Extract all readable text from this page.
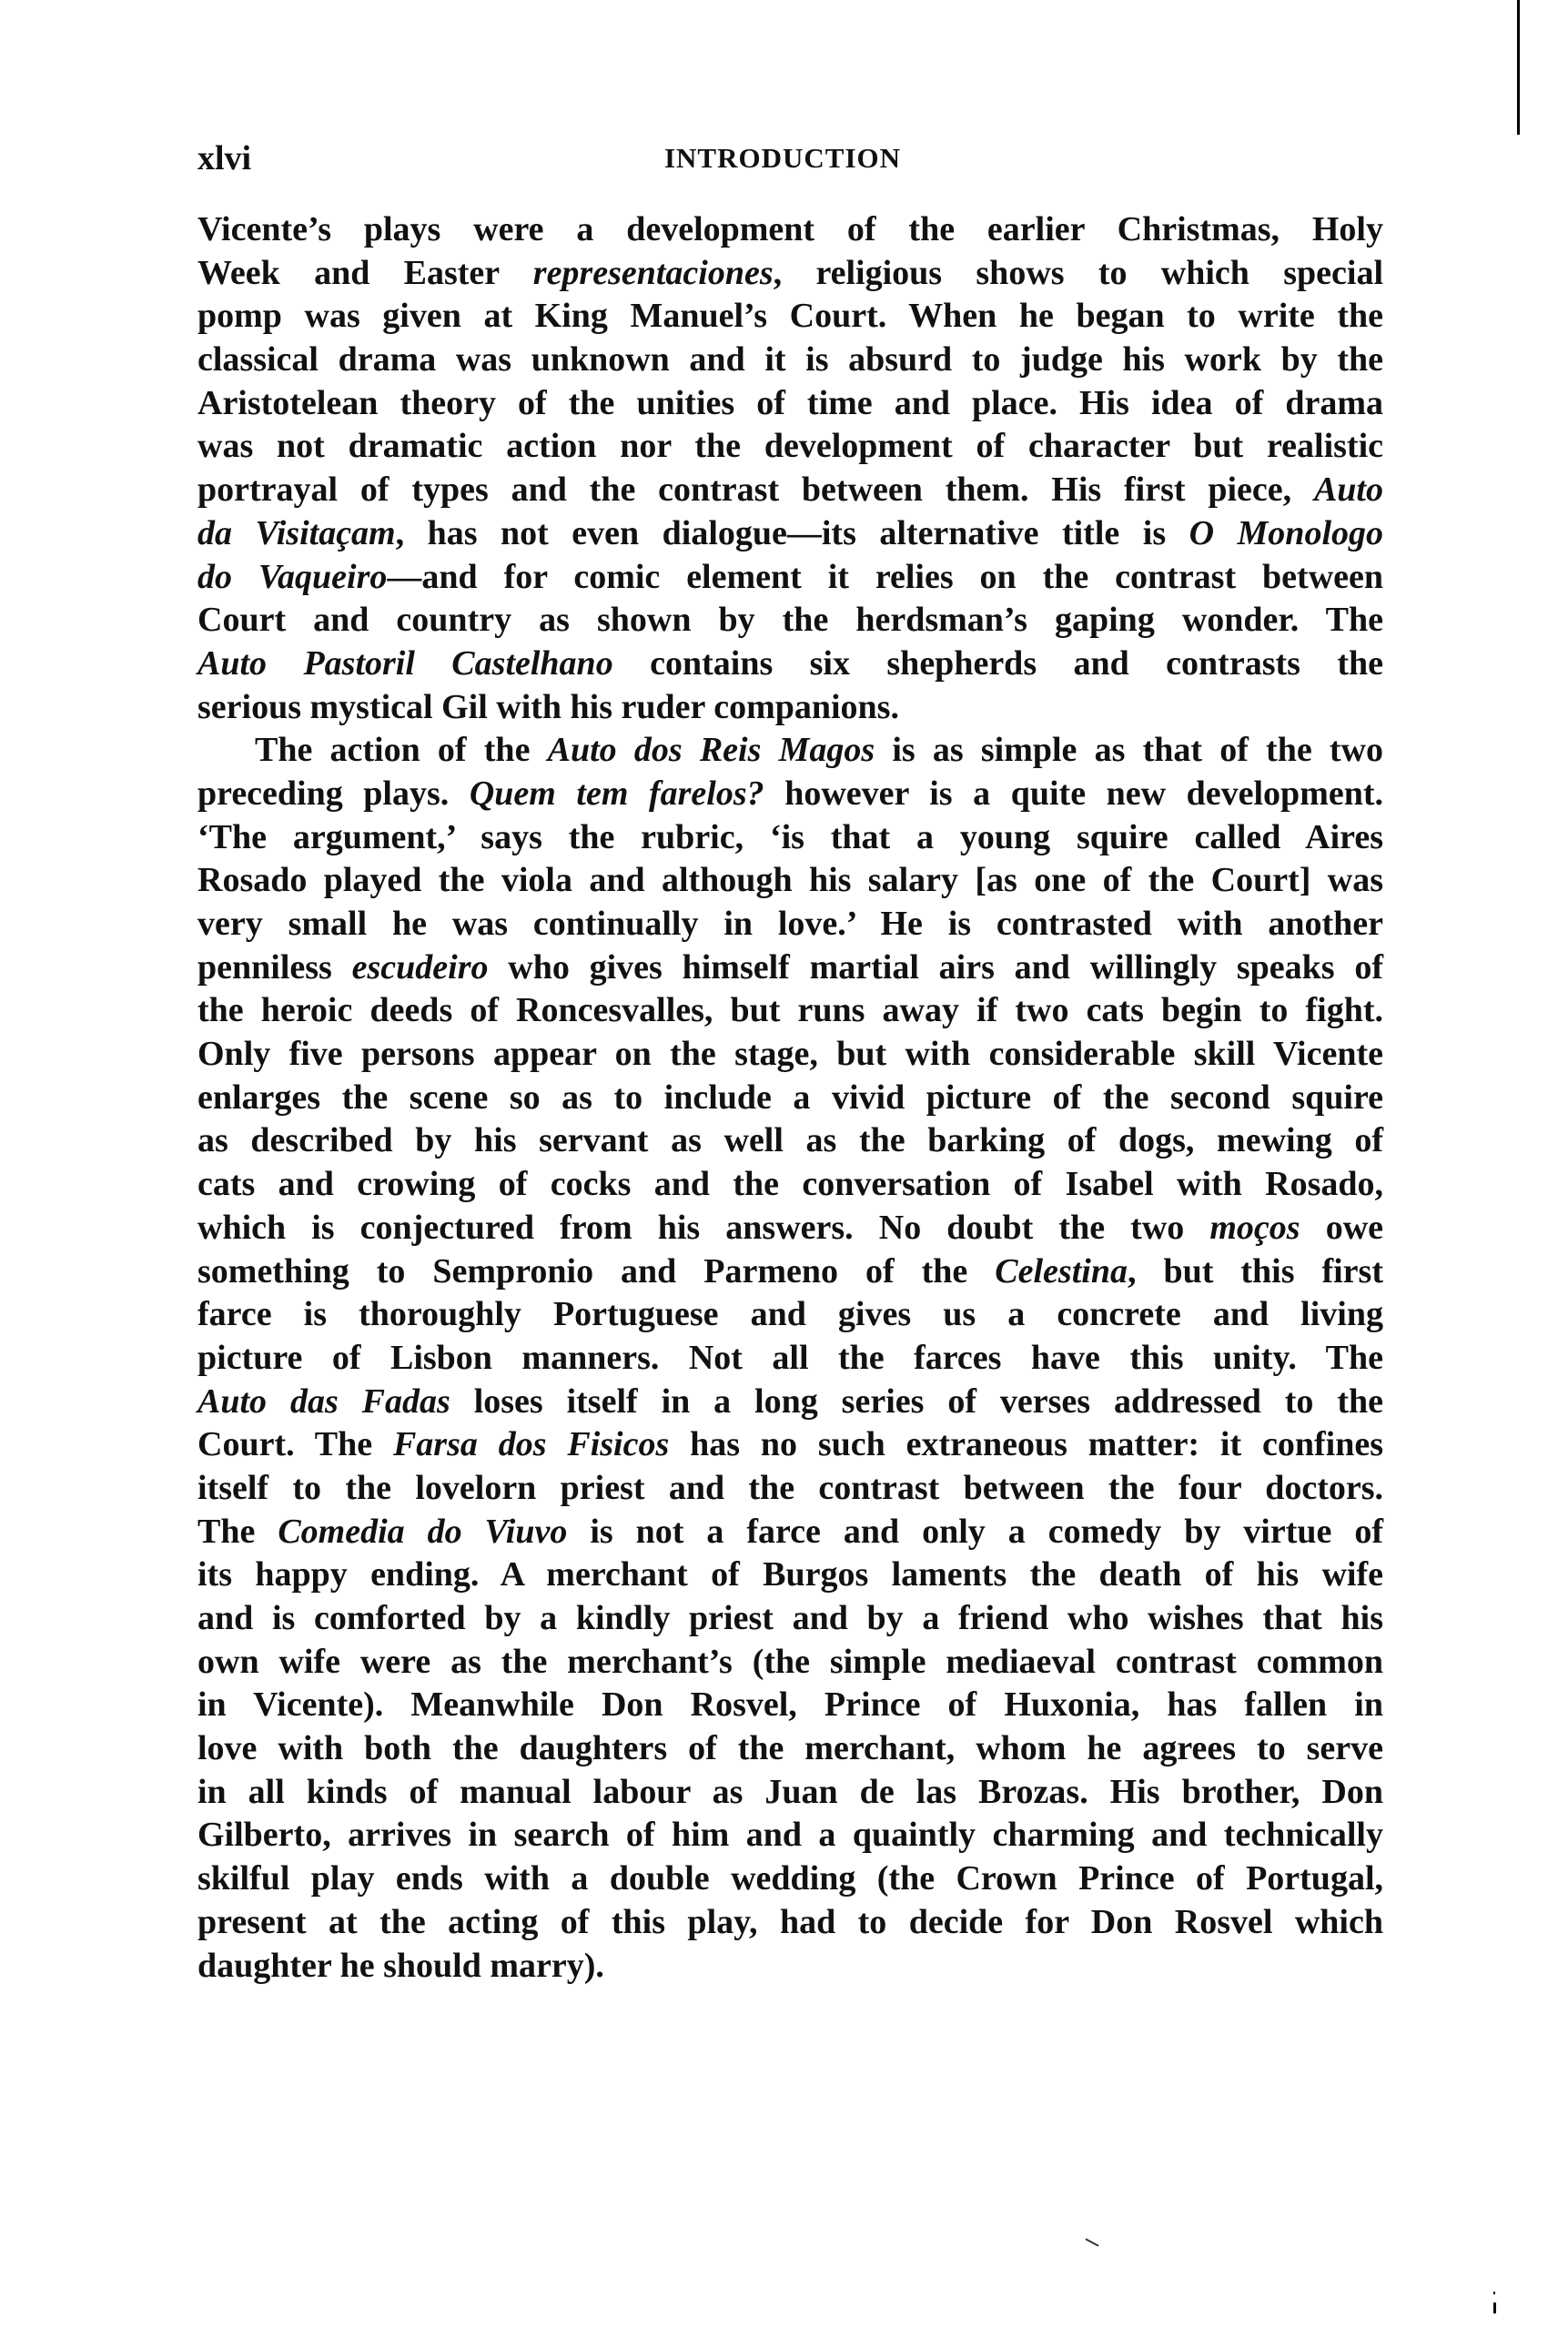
xlvi	INTRODUCTION
Vicente’s plays were a development of the earlier Christmas, Holy
Week and Easter representaciones, religious shows to which special
pomp was given at King Manuel’s Court. When he began to write the
classical drama was unknown and it is absurd to judge his work by the
Aristotelean theory of the unities of time and place. His idea of drama
was not dramatic action nor the development of character but realistic
portrayal of types and the contrast between them. His first piece, Auto
da Visitaçam, has not even dialogue—its alternative title is O Monologo
do Vaqueiro—and for comic element it relies on the contrast between
Court and country as shown by the herdsman’s gaping wonder. The
Auto Pastoril Castelhano contains six shepherds and contrasts the
serious mystical Gil with his ruder companions.
The action of the Auto dos Reis Magos is as simple as that of the two
preceding plays. Quem tem farelos? however is a quite new development.
‘The argument,’ says the rubric, ‘is that a young squire called Aires
Rosado played the viola and although his salary [as one of the Court] was
very small he was continually in love.’ He is contrasted with another
penniless escudeiro who gives himself martial airs and willingly speaks of
the heroic deeds of Roncesvalles, but runs away if two cats begin to fight.
Only five persons appear on the stage, but with considerable skill Vicente
enlarges the scene so as to include a vivid picture of the second squire
as described by his servant as well as the barking of dogs, mewing of
cats and crowing of cocks and the conversation of Isabel with Rosado,
which is conjectured from his answers. No doubt the two moços owe
something to Sempronio and Parmeno of the Celestina, but this first
farce is thoroughly Portuguese and gives us a concrete and living
picture of Lisbon manners. Not all the farces have this unity. The
Auto das Fadas loses itself in a long series of verses addressed to the
Court. The Farsa dos Fisicos has no such extraneous matter: it confines
itself to the lovelorn priest and the contrast between the four doctors.
The Comedia do Viuvo is not a farce and only a comedy by virtue of
its happy ending. A merchant of Burgos laments the death of his wife
and is comforted by a kindly priest and by a friend who wishes that his
own wife were as the merchant’s (the simple mediaeval contrast common
in Vicente). Meanwhile Don Rosvel, Prince of Huxonia, has fallen in
love with both the daughters of the merchant, whom he agrees to serve
in all kinds of manual labour as Juan de las Brozas. His brother, Don
Gilberto, arrives in search of him and a quaintly charming and technically
skilful play ends with a double wedding (the Crown Prince of Portugal,
present at the acting of this play, had to decide for Don Rosvel which
daughter he should marry).
